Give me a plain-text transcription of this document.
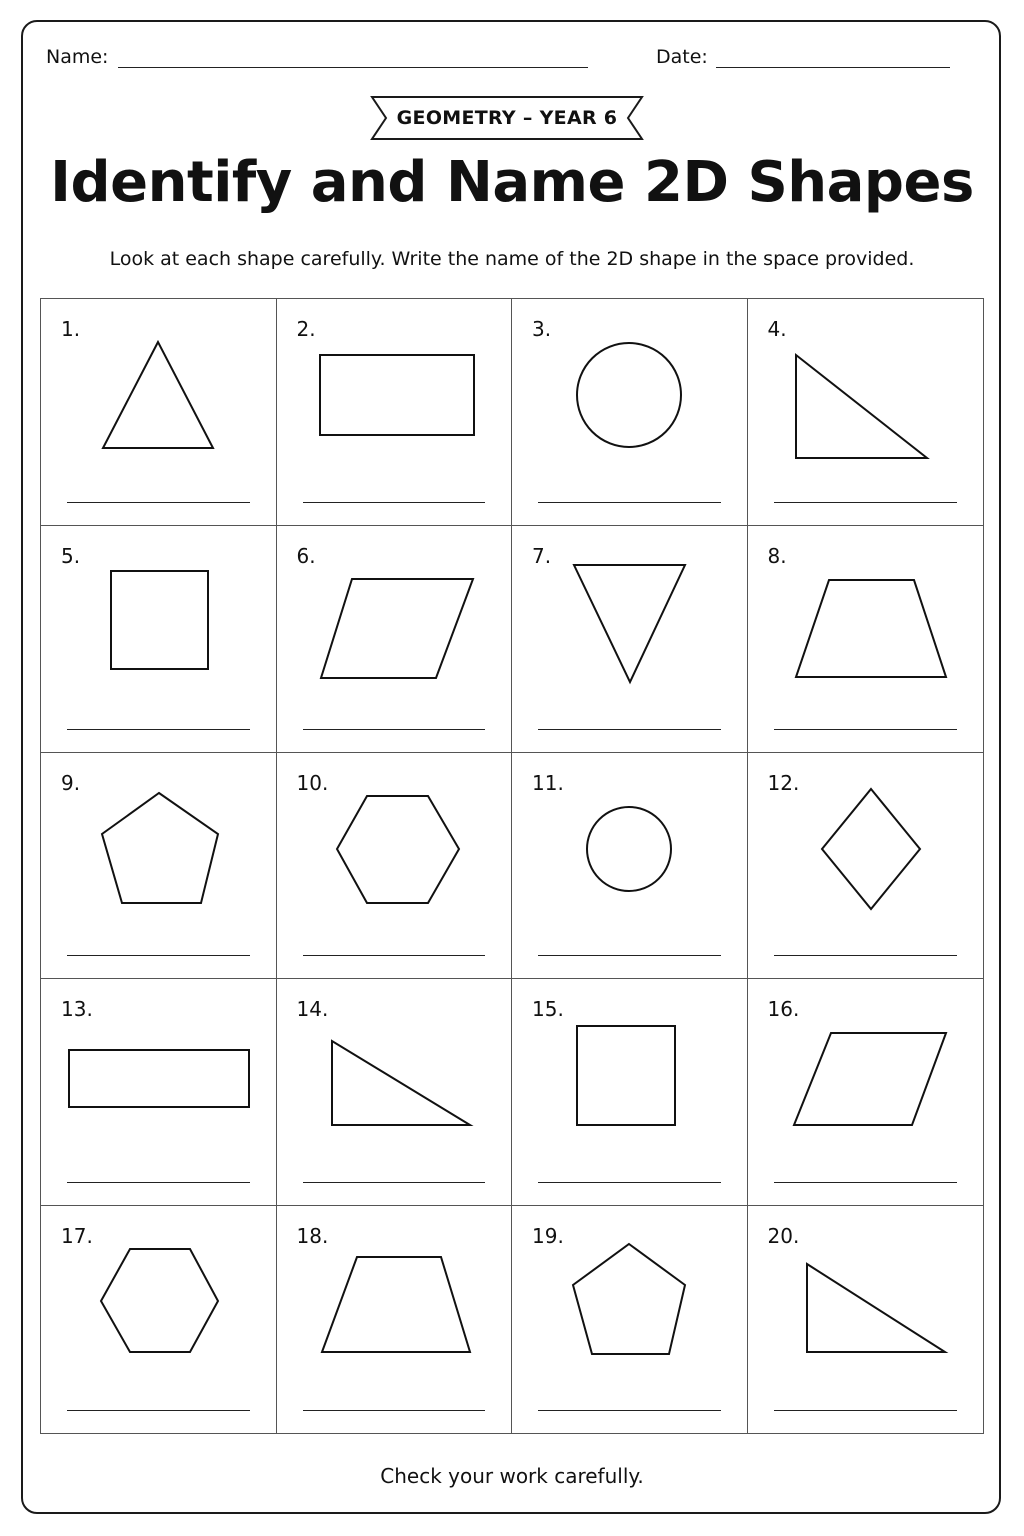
Name:	Date:
GEOMETRY – YEAR 6
Identify and Name 2D Shapes
Look at each shape carefully. Write the name of the 2D shape in the space provided.
1.	2.	3.	4.
5.	6.	7.	8.
9.	10.	11.	12.
13.	14.	15.	16.
17.	18.	19.	20.
Check your work carefully.
